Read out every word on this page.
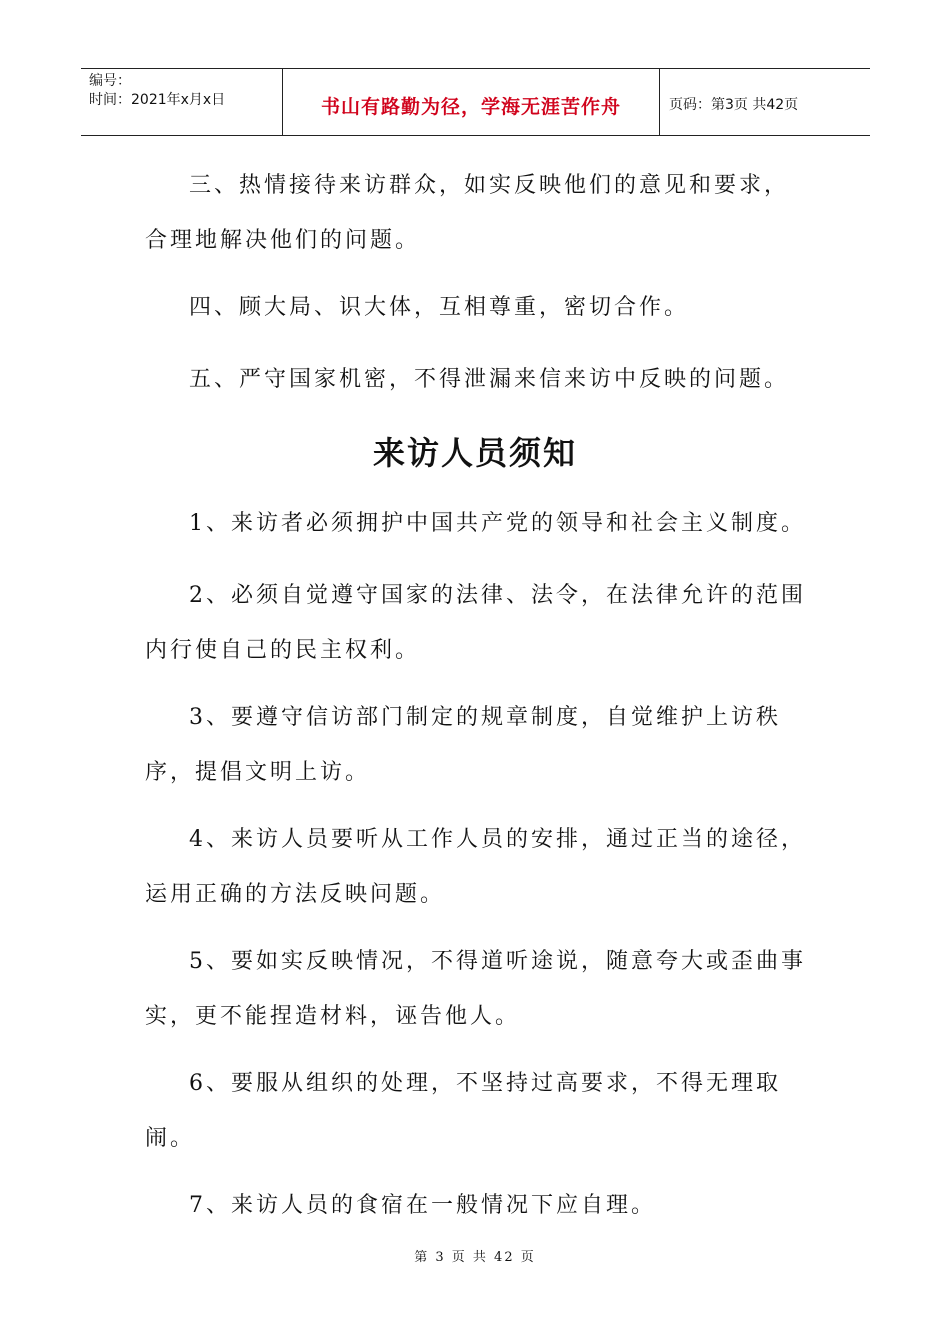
编号：
时间：2021年x月x日	书山有路勤为径，学海无涯苦作舟	页码：第3页 共42页

三、热情接待来访群众，如实反映他们的意见和要求，合理地解决他们的问题。

四、顾大局、识大体，互相尊重，密切合作。

五、严守国家机密，不得泄漏来信来访中反映的问题。

来访人员须知

1、来访者必须拥护中国共产党的领导和社会主义制度。

2、必须自觉遵守国家的法律、法令，在法律允许的范围内行使自己的民主权利。

3、要遵守信访部门制定的规章制度，自觉维护上访秩序，提倡文明上访。

4、来访人员要听从工作人员的安排，通过正当的途径，运用正确的方法反映问题。

5、要如实反映情况，不得道听途说，随意夸大或歪曲事实，更不能捏造材料，诬告他人。

6、要服从组织的处理，不坚持过高要求，不得无理取闹。

7、来访人员的食宿在一般情况下应自理。

第 3 页 共 42 页
